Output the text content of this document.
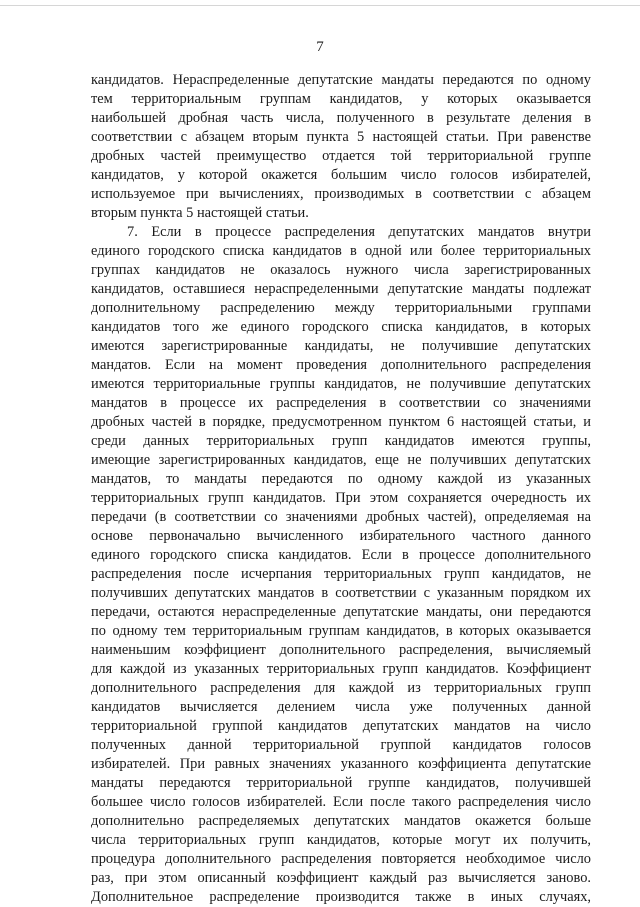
7
кандидатов. Нераспределенные депутатские мандаты передаются по одному
тем территориальным группам кандидатов, у которых оказывается
наибольшей дробная часть числа, полученного в результате деления в
соответствии с абзацем вторым пункта 5 настоящей статьи. При равенстве
дробных частей преимущество отдается той территориальной группе
кандидатов, у которой окажется большим число голосов избирателей,
используемое при вычислениях, производимых в соответствии с абзацем
вторым пункта 5 настоящей статьи.
7. Если в процессе распределения депутатских мандатов внутри
единого городского списка кандидатов в одной или более территориальных
группах кандидатов не оказалось нужного числа зарегистрированных
кандидатов, оставшиеся нераспределенными депутатские мандаты подлежат
дополнительному распределению между территориальными группами
кандидатов того же единого городского списка кандидатов, в которых
имеются зарегистрированные кандидаты, не получившие депутатских
мандатов. Если на момент проведения дополнительного распределения
имеются территориальные группы кандидатов, не получившие депутатских
мандатов в процессе их распределения в соответствии со значениями
дробных частей в порядке, предусмотренном пунктом 6 настоящей статьи, и
среди данных территориальных групп кандидатов имеются группы,
имеющие зарегистрированных кандидатов, еще не получивших депутатских
мандатов, то мандаты передаются по одному каждой из указанных
территориальных групп кандидатов. При этом сохраняется очередность их
передачи (в соответствии со значениями дробных частей), определяемая на
основе первоначально вычисленного избирательного частного данного
единого городского списка кандидатов. Если в процессе дополнительного
распределения после исчерпания территориальных групп кандидатов, не
получивших депутатских мандатов в соответствии с указанным порядком их
передачи, остаются нераспределенные депутатские мандаты, они передаются
по одному тем территориальным группам кандидатов, в которых оказывается
наименьшим коэффициент дополнительного распределения, вычисляемый
для каждой из указанных территориальных групп кандидатов. Коэффициент
дополнительного распределения для каждой из территориальных групп
кандидатов вычисляется делением числа уже полученных данной
территориальной группой кандидатов депутатских мандатов на число
полученных данной территориальной группой кандидатов голосов
избирателей. При равных значениях указанного коэффициента депутатские
мандаты передаются территориальной группе кандидатов, получившей
большее число голосов избирателей. Если после такого распределения число
дополнительно распределяемых депутатских мандатов окажется больше
числа территориальных групп кандидатов, которые могут их получить,
процедура дополнительного распределения повторяется необходимое число
раз, при этом описанный коэффициент каждый раз вычисляется заново.
Дополнительное распределение производится также в иных случаях,
